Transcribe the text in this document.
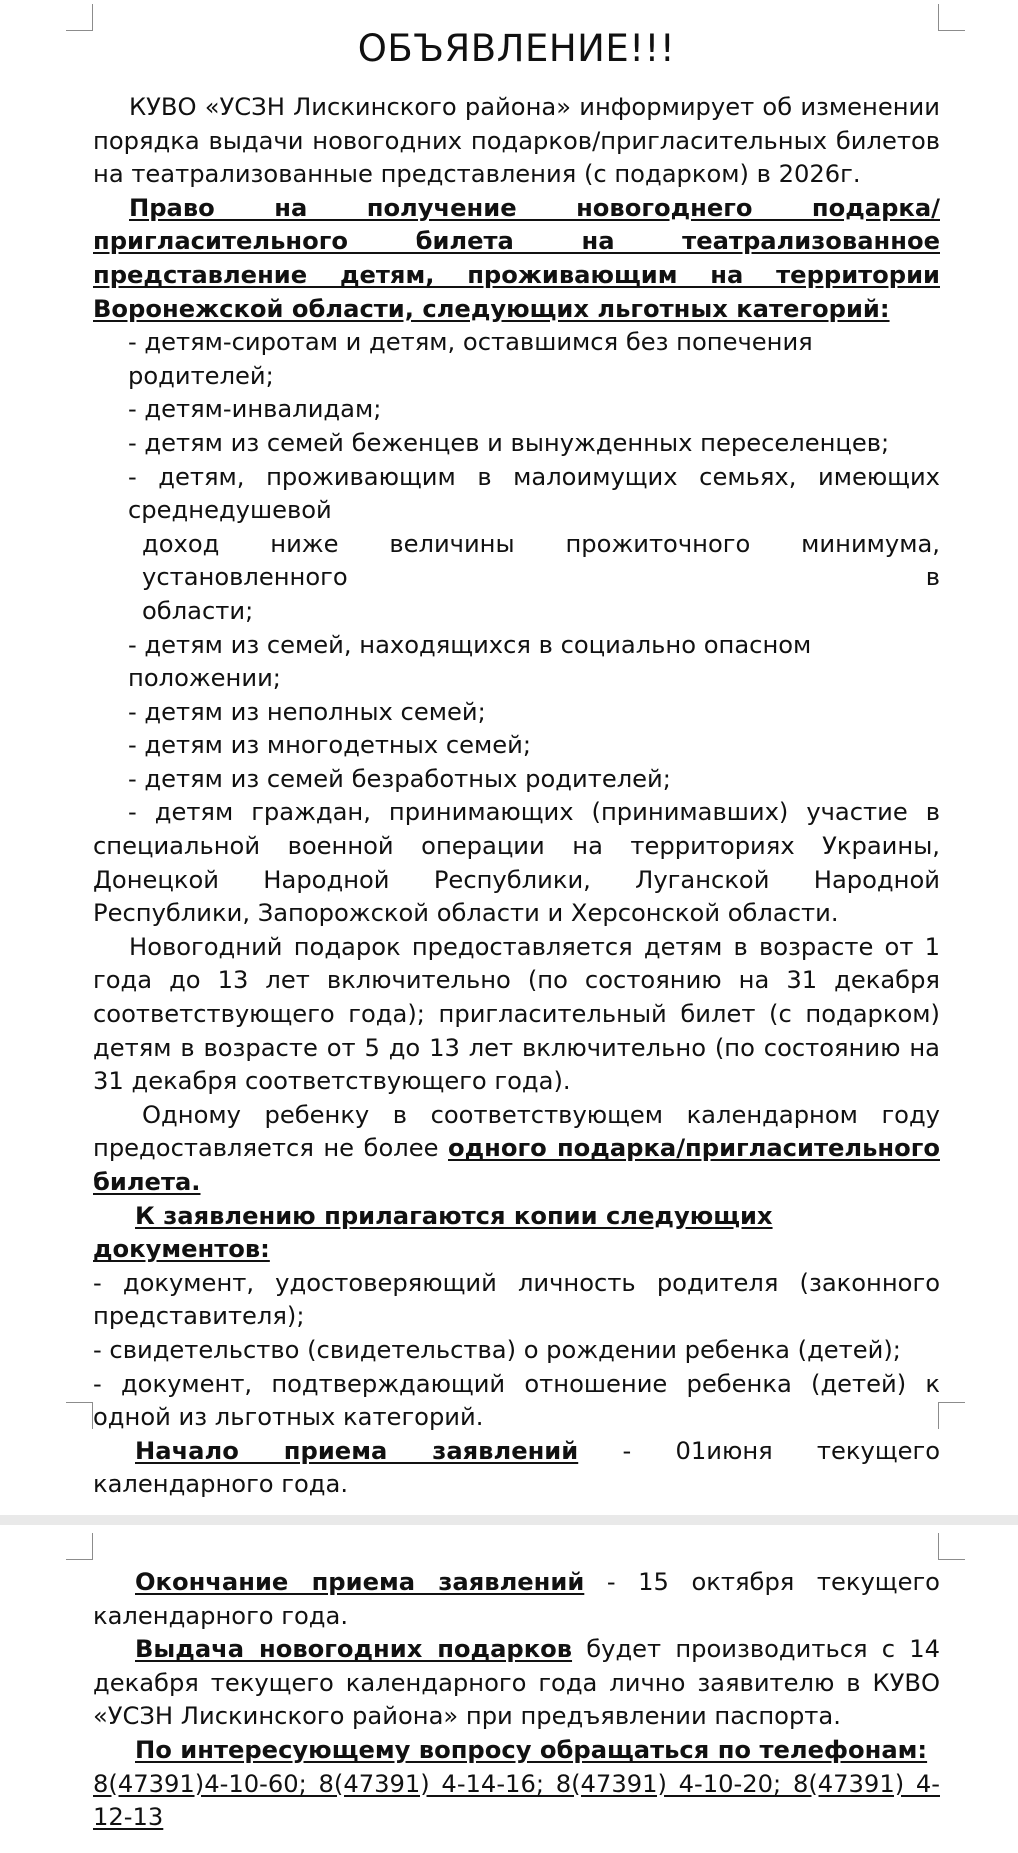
ОБЪЯВЛЕНИЕ!!!

КУВО «УСЗН Лискинского района» информирует об изменении порядка выдачи новогодних подарков/пригласительных билетов на театрализованные представления (с подарком) в 2026г.

Право на получение новогоднего подарка/пригласительного билета на театрализованное представление детям, проживающим на территории Воронежской области, следующих льготных категорий:

- детям-сиротам и детям, оставшимся без попечения родителей;

- детям-инвалидам;

- детям из семей беженцев и вынужденных переселенцев;

- детям, проживающим в малоимущих семьях, имеющих среднедушевой

доход ниже величины прожиточного минимума, установленного в

области;

- детям из семей, находящихся в социально опасном положении;

- детям из неполных семей;

- детям из многодетных семей;

- детям из семей безработных родителей;

- детям граждан, принимающих (принимавших) участие в специальной военной операции на территориях Украины, Донецкой Народной Республики, Луганской Народной Республики, Запорожской области и Херсонской области.

Новогодний подарок предоставляется детям в возрасте от 1 года до 13 лет включительно (по состоянию на 31 декабря соответствующего года); пригласительный билет (с подарком) детям в возрасте от 5 до 13 лет включительно (по состоянию на 31 декабря соответствующего года).

Одному ребенку в соответствующем календарном году предоставляется не более одного подарка/пригласительного билета.

К заявлению прилагаются копии следующих документов:

- документ, удостоверяющий личность родителя (законного представителя);

- свидетельство (свидетельства) о рождении ребенка (детей);

- документ, подтверждающий отношение ребенка (детей) к одной из льготных категорий.

Начало приема заявлений - 01июня текущего календарного года.

Окончание приема заявлений - 15 октября текущего календарного года.

Выдача новогодних подарков будет производиться с 14 декабря текущего календарного года лично заявителю в КУВО «УСЗН Лискинского района» при предъявлении паспорта.

По интересующему вопросу обращаться по телефонам:

8(47391)4-10-60; 8(47391) 4-14-16; 8(47391) 4-10-20; 8(47391) 4-12-13
